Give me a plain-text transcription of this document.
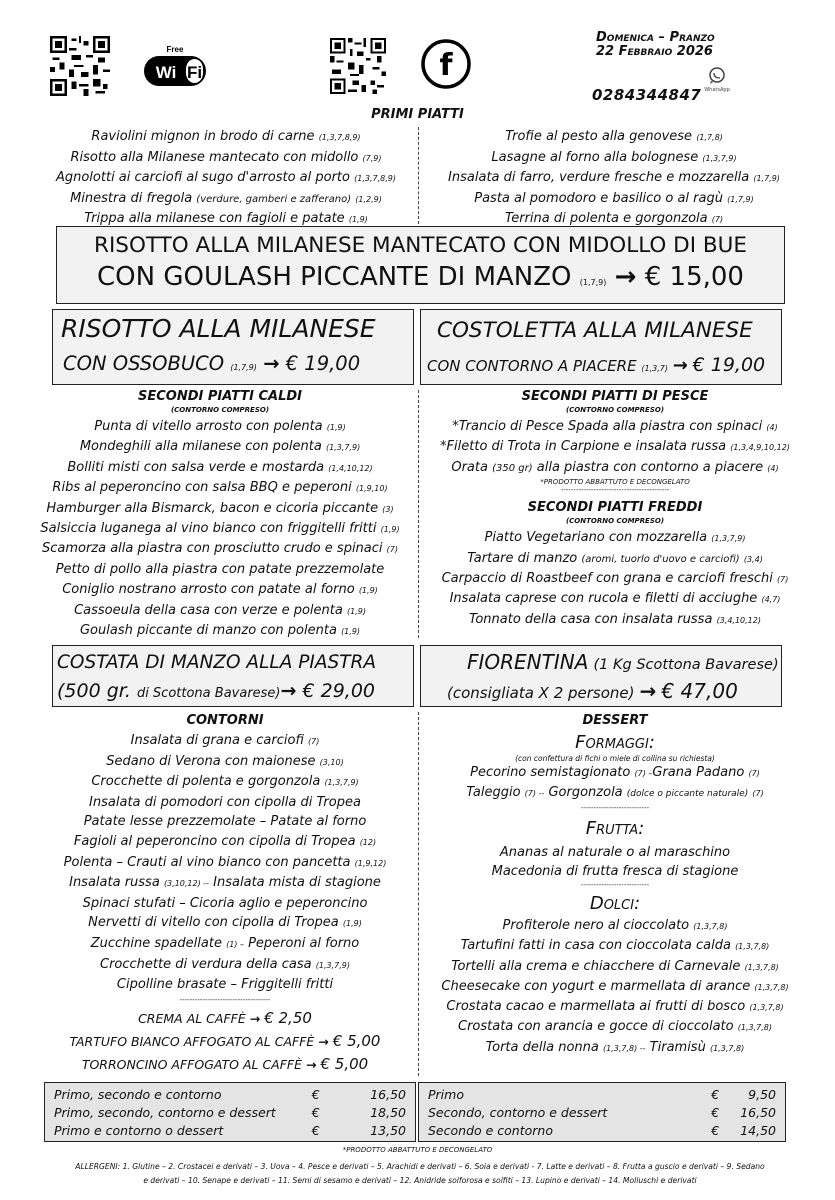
Free
Wi Fi	f
Domenica – Pranzo
22 Febbraio 2026
WhatsApp
0284344847
PRIMI PIATTI
Raviolini mignon in brodo di carne (1,3,7,8,9)
Risotto alla Milanese mantecato con midollo (7,9)
Agnolotti ai carciofi al sugo d'arrosto al porto (1,3,7,8,9)
Minestra di fregola (verdure, gamberi e zafferano) (1,2,9)
Trippa alla milanese con fagioli e patate (1,9)
Trofie al pesto alla genovese (1,7,8)
Lasagne al forno alla bolognese (1,3,7,9)
Insalata di farro, verdure fresche e mozzarella (1,7,9)
Pasta al pomodoro e basilico o al ragù (1,7,9)
Terrina di polenta e gorgonzola (7)
RISOTTO ALLA MILANESE MANTECATO CON MIDOLLO DI BUE
CON GOULASH PICCANTE DI MANZO (1,7,9) → € 15,00
RISOTTO ALLA MILANESE
CON OSSOBUCO (1,7,9) → € 19,00
COSTOLETTA ALLA MILANESE
CON CONTORNO A PIACERE (1,3,7) → € 19,00
SECONDI PIATTI CALDI
(CONTORNO COMPRESO)
Punta di vitello arrosto con polenta (1,9)
Mondeghili alla milanese con polenta (1,3,7,9)
Bolliti misti con salsa verde e mostarda (1,4,10,12)
Ribs al peperoncino con salsa BBQ e peperoni (1,9,10)
Hamburger alla Bismarck, bacon e cicoria piccante (3)
Salsiccia luganega al vino bianco con friggitelli fritti (1,9)
Scamorza alla piastra con prosciutto crudo e spinaci (7)
Petto di pollo alla piastra con patate prezzemolate
Coniglio nostrano arrosto con patate al forno (1,9)
Cassoeula della casa con verze e polenta (1,9)
Goulash piccante di manzo con polenta (1,9)
SECONDI PIATTI DI PESCE
(CONTORNO COMPRESO)
*Trancio di Pesce Spada alla piastra con spinaci (4)
*Filetto di Trota in Carpione e insalata russa (1,3,4,9,10,12)
Orata (350 gr) alla piastra con contorno a piacere (4)
*PRODOTTO ABBATTUTO E DECONGELATO
-------------------------------------------
SECONDI PIATTI FREDDI
(CONTORNO COMPRESO)
Piatto Vegetariano con mozzarella (1,3,7,9)
Tartare di manzo (aromi, tuorlo d'uovo e carciofi) (3,4)
Carpaccio di Roastbeef con grana e carciofi freschi (7)
Insalata caprese con rucola e filetti di acciughe (4,7)
Tonnato della casa con insalata russa (3,4,10,12)
COSTATA DI MANZO ALLA PIASTRA
(500 gr. di Scottona Bavarese)→ € 29,00
FIORENTINA (1 Kg Scottona Bavarese)
(consigliata X 2 persone) → € 47,00
CONTORNI
Insalata di grana e carciofi (7)
Sedano di Verona con maionese (3,10)
Crocchette di polenta e gorgonzola (1,3,7,9)
Insalata di pomodori con cipolla di Tropea
Patate lesse prezzemolate – Patate al forno
Fagioli al peperoncino con cipolla di Tropea (12)
Polenta – Crauti al vino bianco con pancetta (1,9,12)
Insalata russa (3,10,12) -- Insalata mista di stagione
Spinaci stufati – Cicoria aglio e peperoncino
Nervetti di vitello con cipolla di Tropea (1,9)
Zucchine spadellate (1) – Peperoni al forno
Crocchette di verdura della casa (1,3,7,9)
Cipolline brasate – Friggitelli fritti
------------------------------------
CREMA AL CAFFÈ → € 2,50
TARTUFO BIANCO AFFOGATO AL CAFFÈ → € 5,00
TORRONCINO AFFOGATO AL CAFFÈ → € 5,00
DESSERT
Formaggi:
(con confettura di fichi o miele di collina su richiesta)
Pecorino semistagionato (7) –Grana Padano (7)
Taleggio (7) -- Gorgonzola (dolce o piccante naturale) (7)
---------------------------
Frutta:
Ananas al naturale o al maraschino
Macedonia di frutta fresca di stagione
---------------------------
Dolci:
Profiterole nero al cioccolato (1,3,7,8)
Tartufini fatti in casa con cioccolata calda (1,3,7,8)
Tortelli alla crema e chiacchere di Carnevale (1,3,7,8)
Cheesecake con yogurt e marmellata di arance (1,3,7,8)
Crostata cacao e marmellata ai frutti di bosco (1,3,7,8)
Crostata con arancia e gocce di cioccolato (1,3,7,8)
Torta della nonna (1,3,7,8) -- Tiramisù (1,3,7,8)
Primo, secondo e contorno	€	16,50
Primo, secondo, contorno e dessert	€	18,50
Primo e contorno o dessert	€	13,50
Primo	€	9,50
Secondo, contorno e dessert	€	16,50
Secondo e contorno	€	14,50
*PRODOTTO ABBATTUTO E DECONGELATO
ALLERGENI: 1. Glutine – 2. Crostacei e derivati – 3. Uova – 4. Pesce e derivati – 5. Arachidi e derivati – 6. Soia e derivati - 7. Latte e derivati – 8. Frutta a guscio e derivati – 9. Sedano
e derivati – 10. Senape e derivati – 11. Semi di sesamo e derivati – 12. Anidride solforosa e solfiti – 13. Lupino e derivati – 14. Molluschi e derivati
